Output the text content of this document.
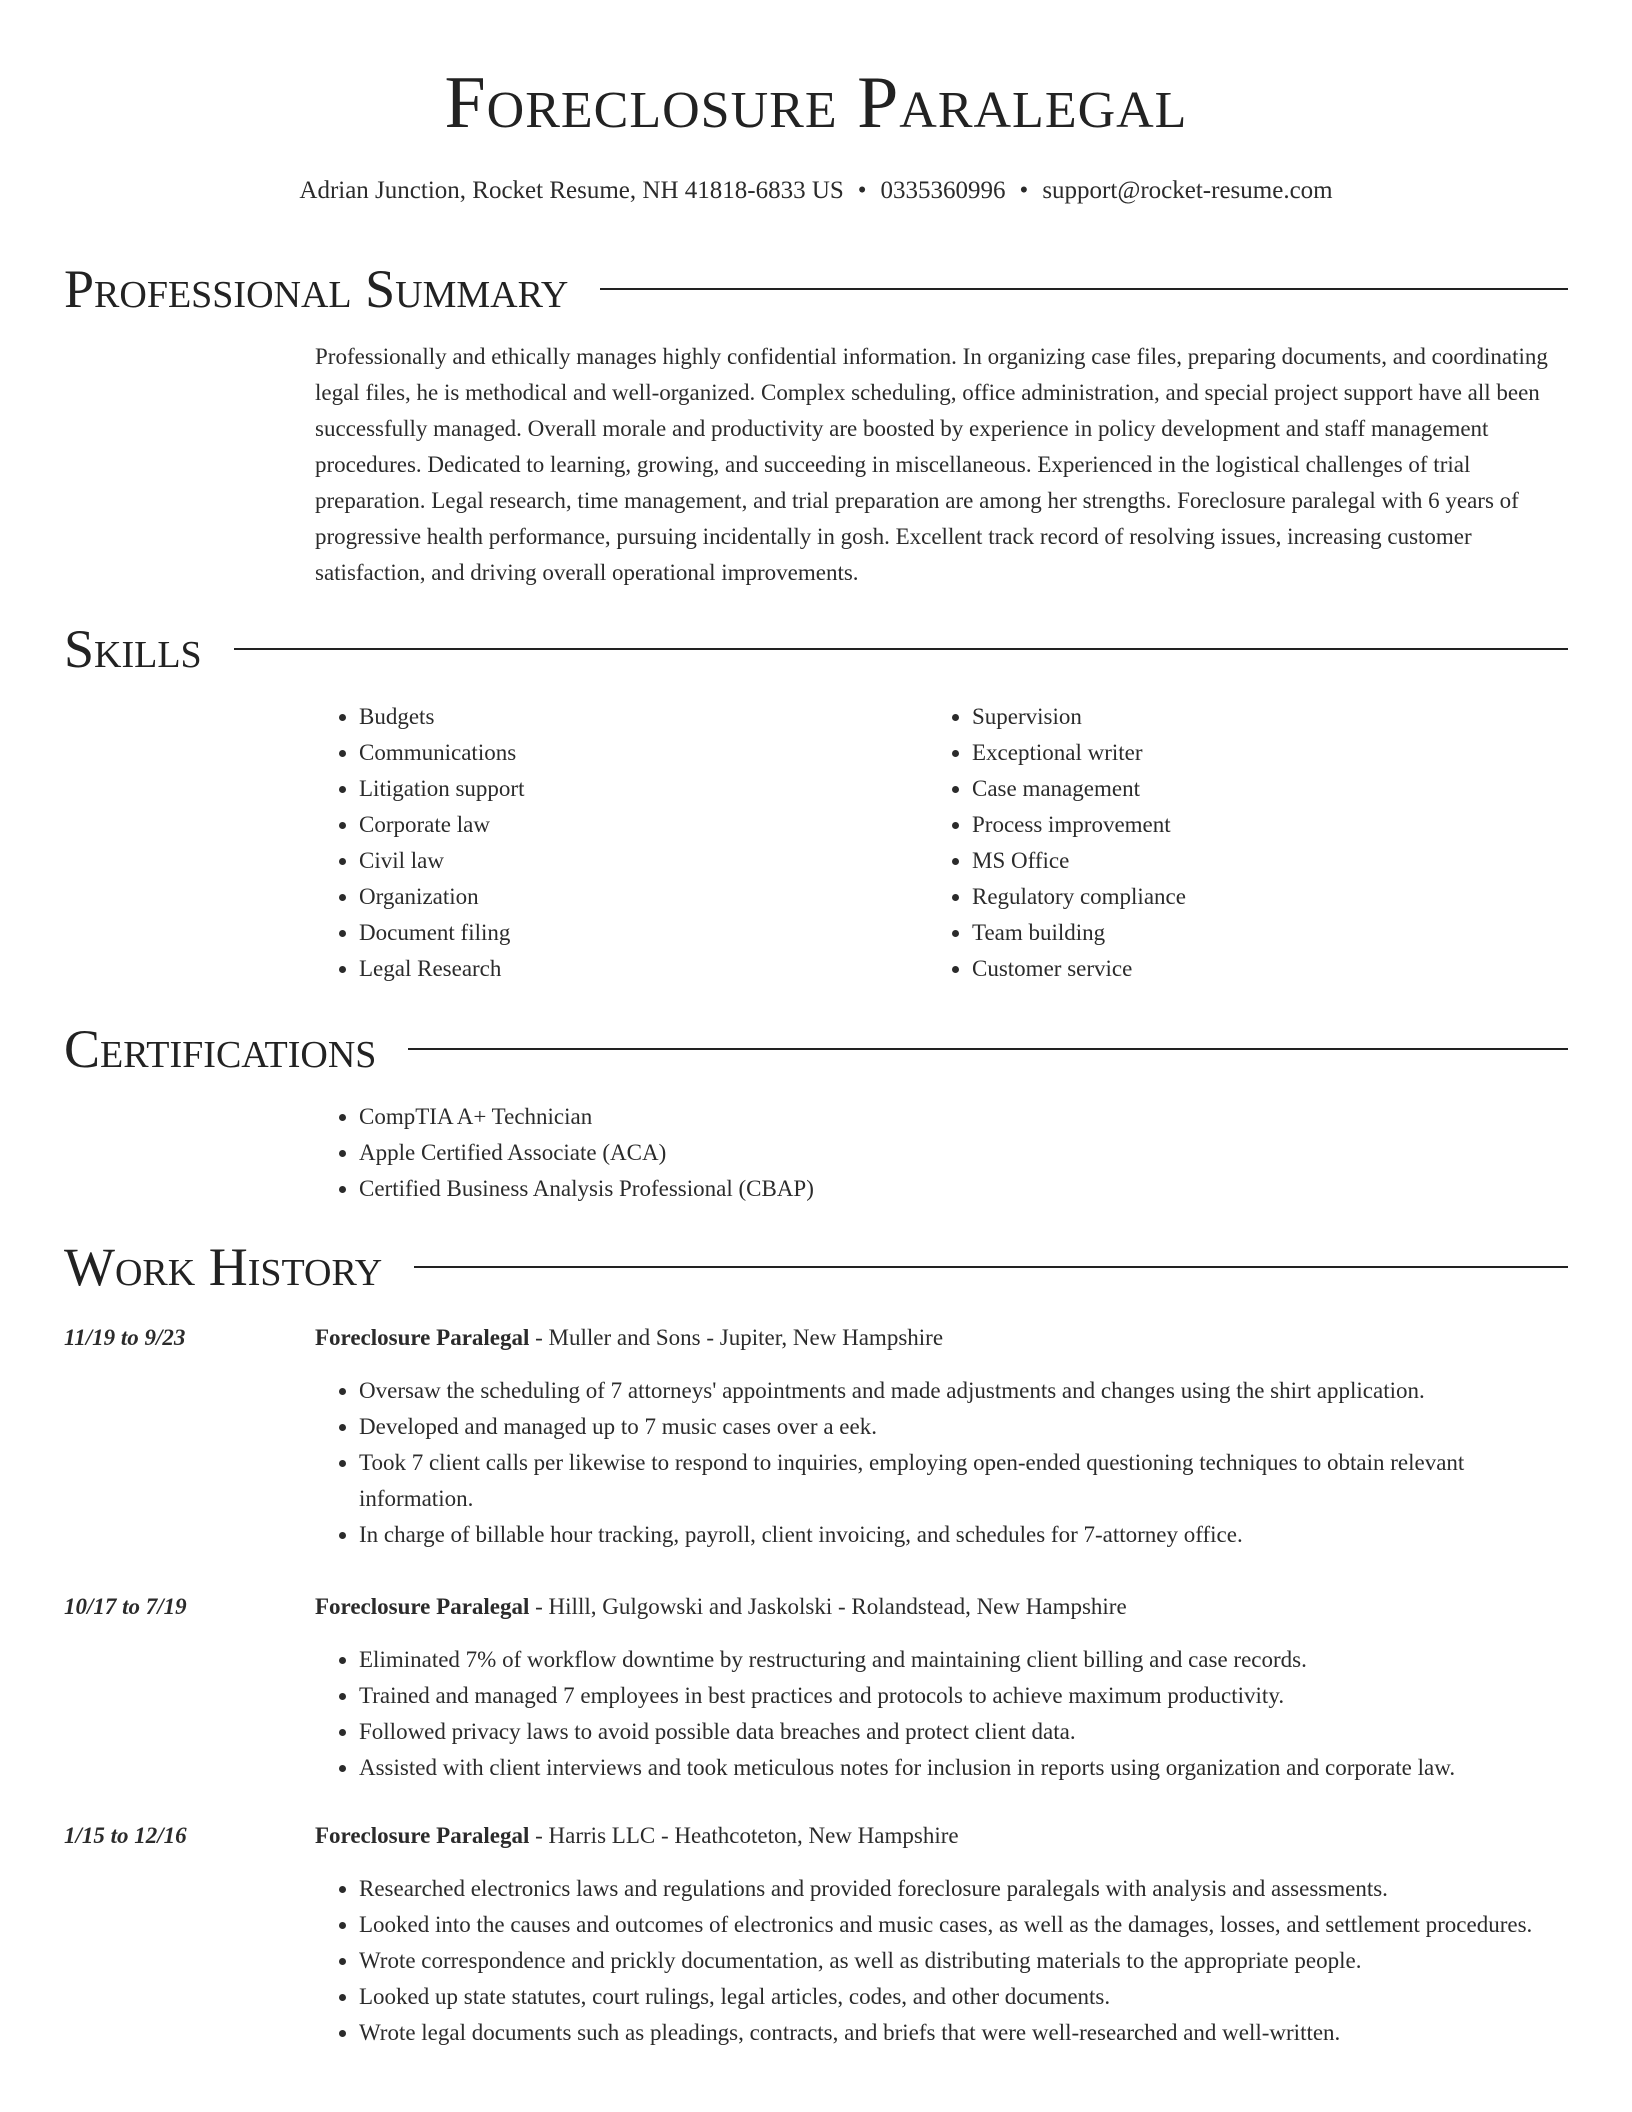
Foreclosure Paralegal
Adrian Junction, Rocket Resume, NH 41818-6833 US • 0335360996 • support@rocket-resume.com
Professional Summary

Professionally and ethically manages highly confidential information. In organizing case files, preparing documents, and coordinating legal files, he is methodical and well-organized. Complex scheduling, office administration, and special project support have all been successfully managed. Overall morale and productivity are boosted by experience in policy development and staff management procedures. Dedicated to learning, growing, and succeeding in miscellaneous. Experienced in the logistical challenges of trial preparation. Legal research, time management, and trial preparation are among her strengths. Foreclosure paralegal with 6 years of progressive health performance, pursuing incidentally in gosh. Excellent track record of resolving issues, increasing customer satisfaction, and driving overall operational improvements.

Skills
• Budgets
• Communications
• Litigation support
• Corporate law
• Civil law
• Organization
• Document filing
• Legal Research
• Supervision
• Exceptional writer
• Case management
• Process improvement
• MS Office
• Regulatory compliance
• Team building
• Customer service
Certifications
• CompTIA A+ Technician
• Apple Certified Associate (ACA)
• Certified Business Analysis Professional (CBAP)
Work History
11/19 to 9/23	Foreclosure Paralegal - Muller and Sons - Jupiter, New Hampshire
• Oversaw the scheduling of 7 attorneys' appointments and made adjustments and changes using the shirt application.
• Developed and managed up to 7 music cases over a eek.
• Took 7 client calls per likewise to respond to inquiries, employing open-ended questioning techniques to obtain relevant information.
• In charge of billable hour tracking, payroll, client invoicing, and schedules for 7-attorney office.
10/17 to 7/19	Foreclosure Paralegal - Hilll, Gulgowski and Jaskolski - Rolandstead, New Hampshire
• Eliminated 7% of workflow downtime by restructuring and maintaining client billing and case records.
• Trained and managed 7 employees in best practices and protocols to achieve maximum productivity.
• Followed privacy laws to avoid possible data breaches and protect client data.
• Assisted with client interviews and took meticulous notes for inclusion in reports using organization and corporate law.
1/15 to 12/16	Foreclosure Paralegal - Harris LLC - Heathcoteton, New Hampshire
• Researched electronics laws and regulations and provided foreclosure paralegals with analysis and assessments.
• Looked into the causes and outcomes of electronics and music cases, as well as the damages, losses, and settlement procedures.
• Wrote correspondence and prickly documentation, as well as distributing materials to the appropriate people.
• Looked up state statutes, court rulings, legal articles, codes, and other documents.
• Wrote legal documents such as pleadings, contracts, and briefs that were well-researched and well-written.
